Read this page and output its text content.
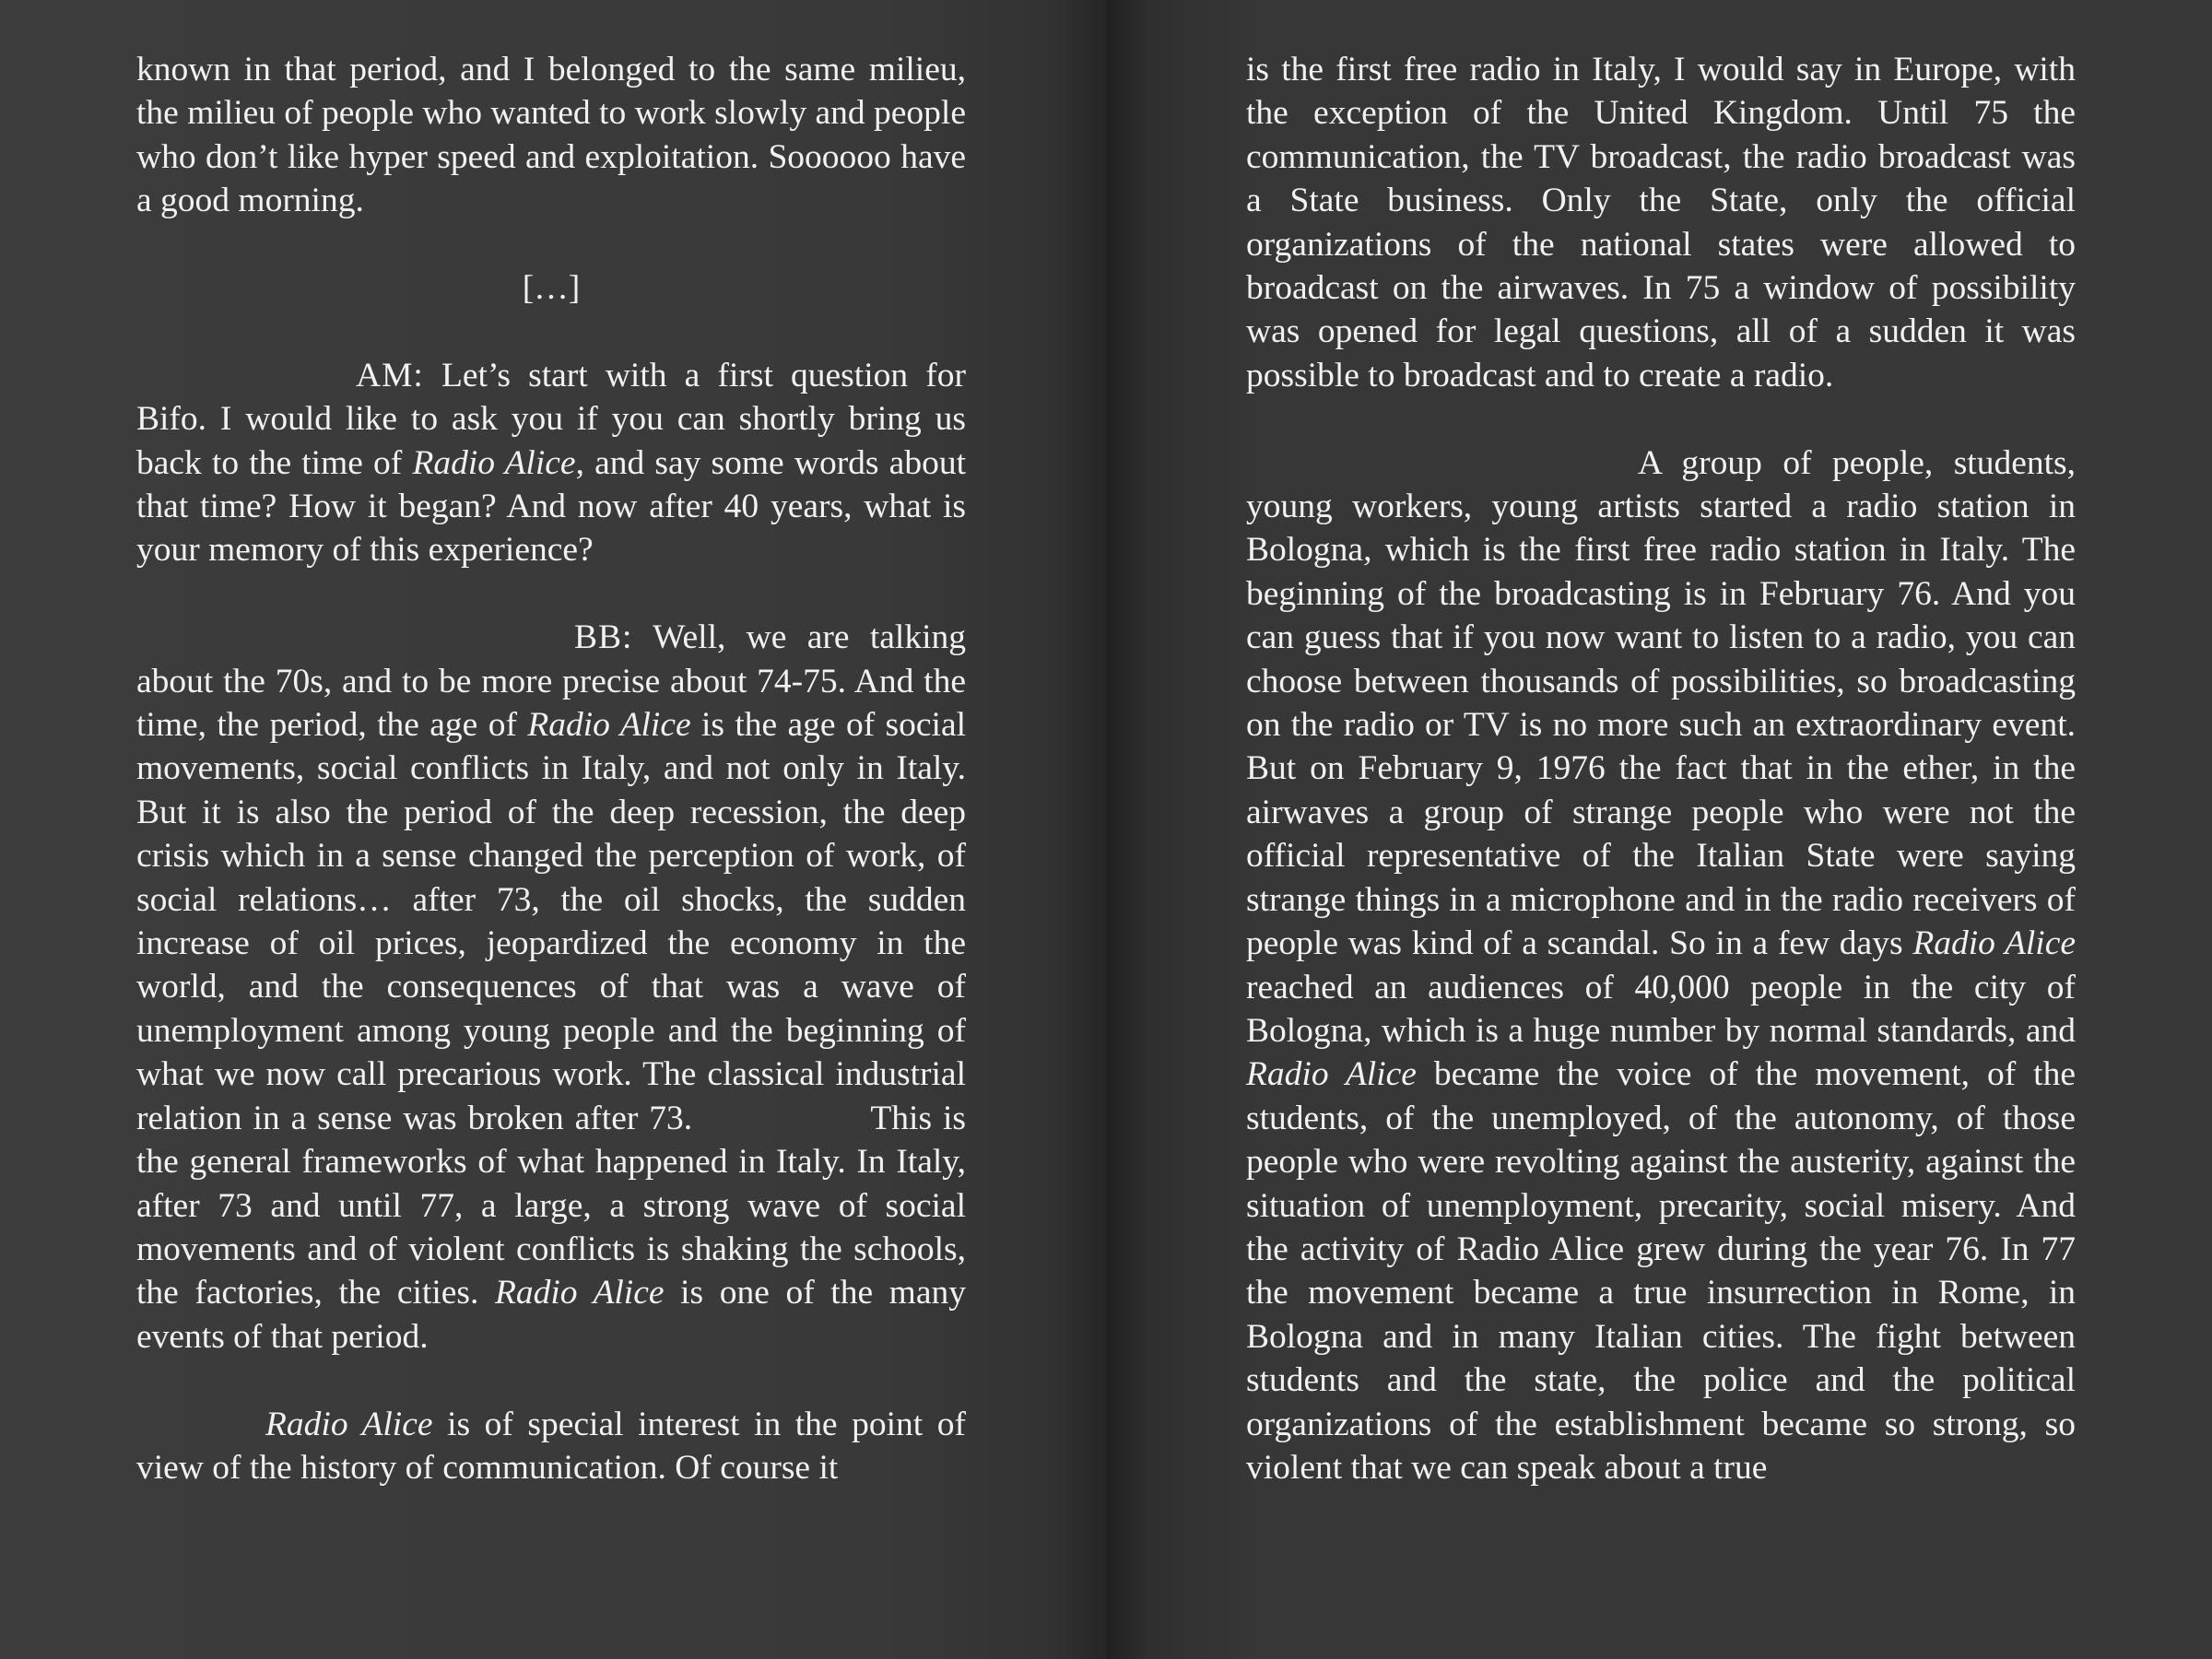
known in that period, and I belonged to the same milieu, the milieu of people who wanted to work slowly and people who don’t like hyper speed and exploitation. Soooooo have a good morning.

[…]

AM: Let’s start with a first question for Bifo. I would like to ask you if you can shortly bring us back to the time of Radio Alice, and say some words about that time? How it began? And now after 40 years, what is your memory of this experience?

BB: Well, we are talking about the 70s, and to be more precise about 74-75. And the time, the period, the age of Radio Alice is the age of social movements, social conflicts in Italy, and not only in Italy. But it is also the period of the deep recession, the deep crisis which in a sense changed the perception of work, of social relations… after 73, the oil shocks, the sudden increase of oil prices, jeopardized the economy in the world, and the consequences of that was a wave of unemployment among young people and the beginning of what we now call precarious work. The classical industrial relation in a sense was broken after 73.	This is the general frameworks of what happened in Italy. In Italy, after 73 and until 77, a large, a strong wave of social movements and of violent conflicts is shaking the schools, the factories, the cities. Radio Alice is one of the many events of that period.

Radio Alice is of special interest in the point of view of the history of communication. Of course it

is the first free radio in Italy, I would say in Europe, with the exception of the United Kingdom. Until 75 the communication, the TV broadcast, the radio broadcast was a State business. Only the State, only the official organizations of the national states were allowed to broadcast on the airwaves. In 75 a window of possibility was opened for legal questions, all of a sudden it was possible to broadcast and to create a radio.

A group of people, students, young workers, young artists started a radio station in Bologna, which is the first free radio station in Italy. The beginning of the broadcasting is in February 76. And you can guess that if you now want to listen to a radio, you can choose between thousands of possibilities, so broadcasting on the radio or TV is no more such an extraordinary event. But on February 9, 1976 the fact that in the ether, in the airwaves a group of strange people who were not the official representative of the Italian State were saying strange things in a microphone and in the radio receivers of people was kind of a scandal. So in a few days Radio Alice reached an audiences of 40,000 people in the city of Bologna, which is a huge number by normal standards, and Radio Alice became the voice of the movement, of the students, of the unemployed, of the autonomy, of those people who were revolting against the austerity, against the situation of unemployment, precarity, social misery. And the activity of Radio Alice grew during the year 76. In 77 the movement became a true insurrection in Rome, in Bologna and in many Italian cities. The fight between students and the state, the police and the political organizations of the establishment became so strong, so violent that we can speak about a true
